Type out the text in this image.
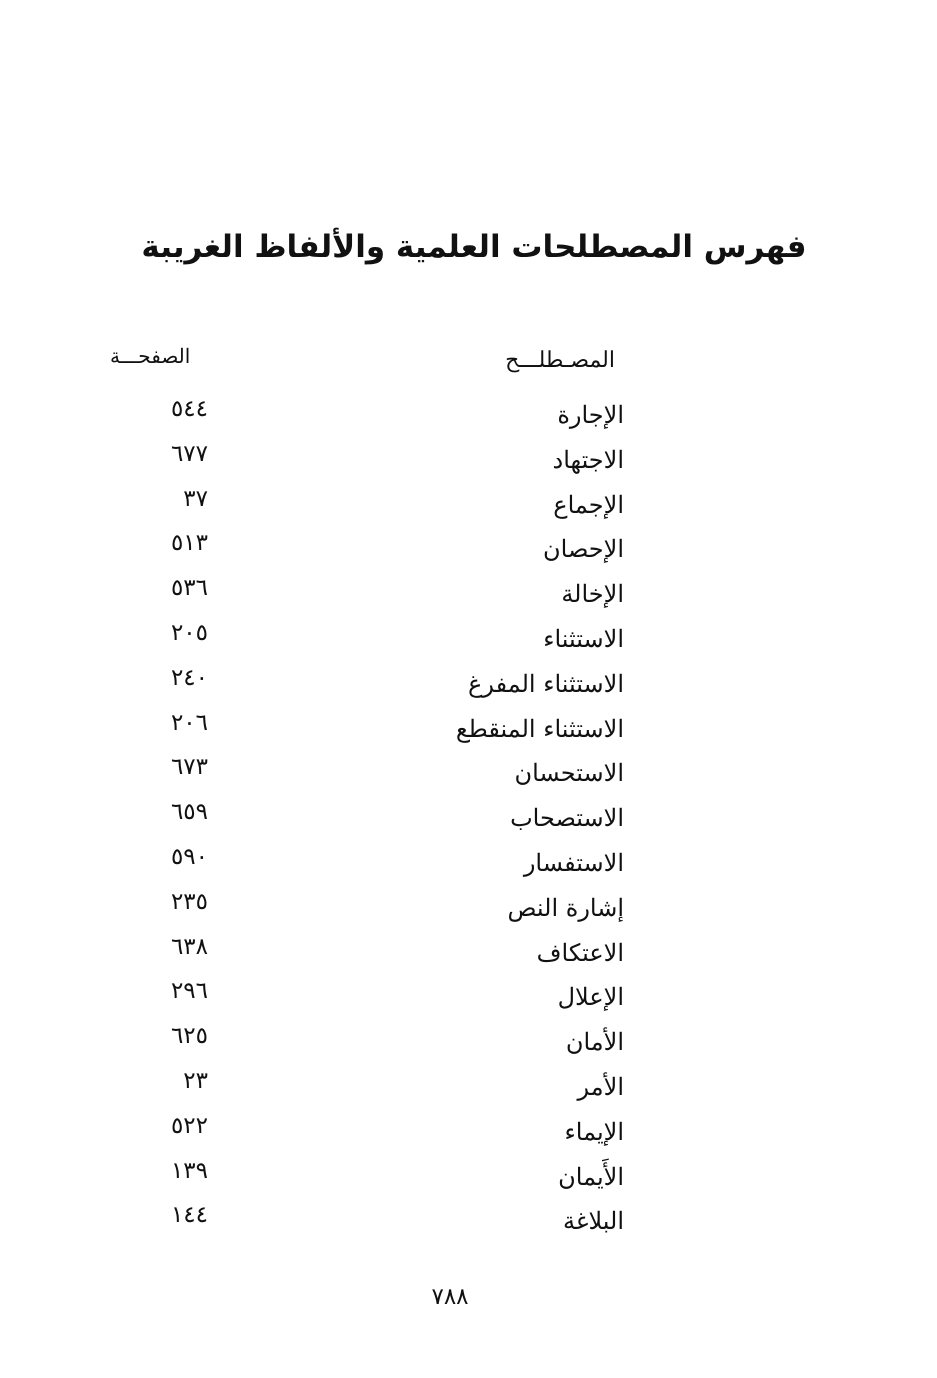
فهرس المصطلحات العلمية والألفاظ الغريبة
المصـطلـــح
الصفحـــة
الإجارة
٥٤٤
الاجتهاد
٦٧٧
الإجماع
٣٧
الإحصان
٥١٣
الإخالة
٥٣٦
الاستثناء
٢٠٥
الاستثناء المفرغ
٢٤٠
الاستثناء المنقطع
٢٠٦
الاستحسان
٦٧٣
الاستصحاب
٦٥٩
الاستفسار
٥٩٠
إشارة النص
٢٣٥
الاعتكاف
٦٣٨
الإعلال
٢٩٦
الأمان
٦٢٥
الأمر
٢٣
الإيماء
٥٢٢
الأَيمان
١٣٩
البلاغة
١٤٤
٧٨٨
